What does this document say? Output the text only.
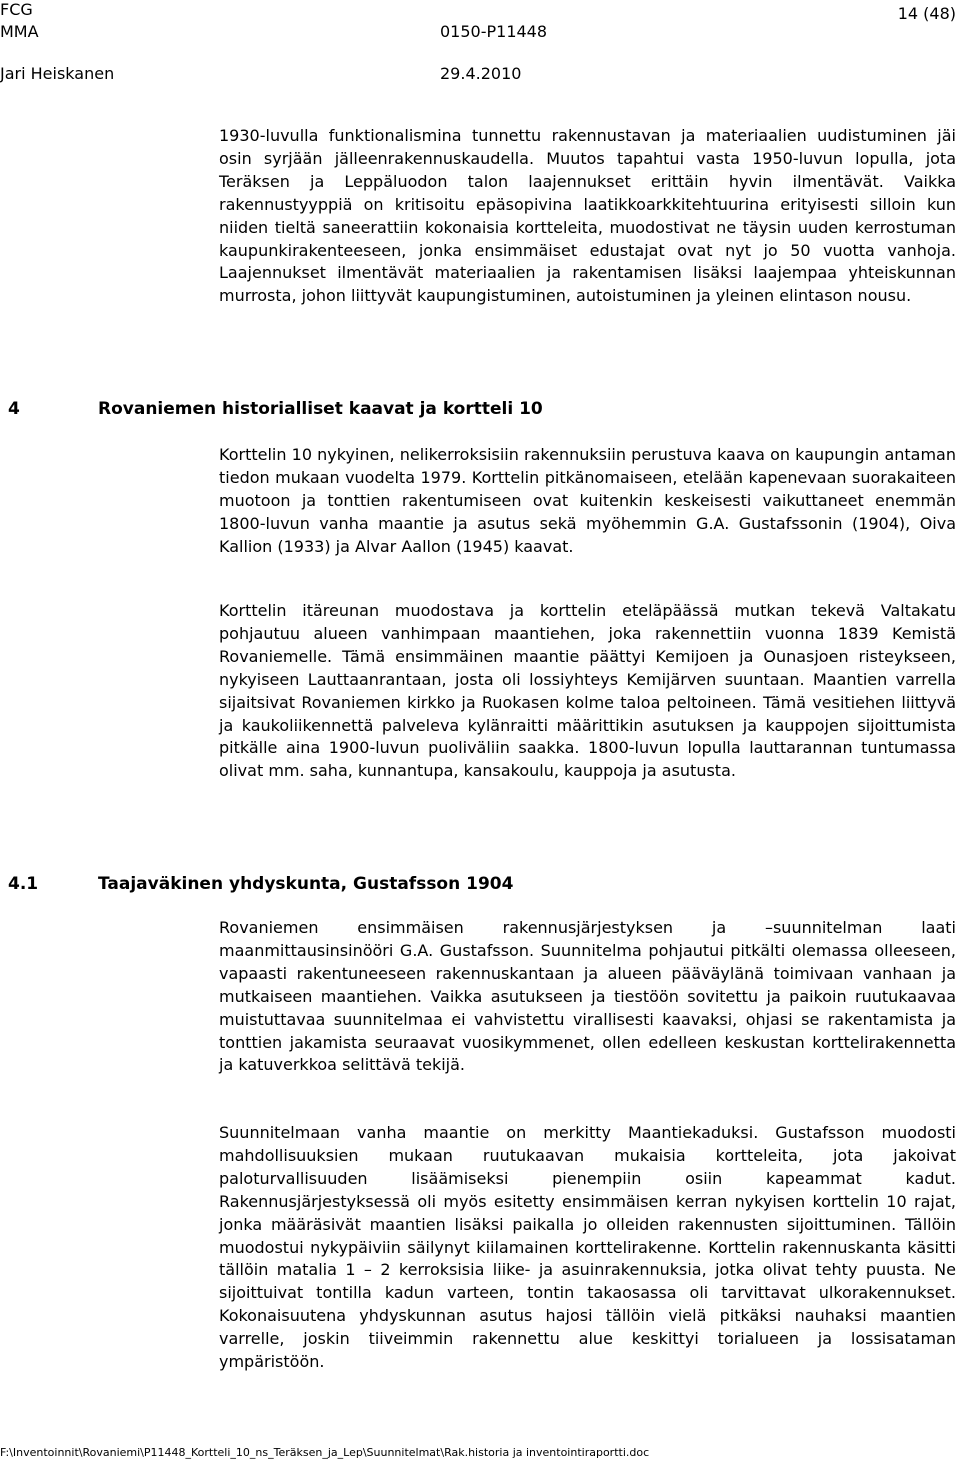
FCG
MMA
Jari Heiskanen
0150-P11448
29.4.2010
14 (48)
1930-luvulla funktionalismina tunnettu rakennustavan ja materiaalien uudistuminen jäi osin syrjään jälleenrakennuskaudella. Muutos tapahtui vasta 1950-luvun lopulla, jota Teräksen ja Leppäluodon talon laajennukset erittäin hyvin ilmentävät. Vaikka rakennustyyppiä on kritisoitu epäsopivina laatikkoarkkitehtuurina erityisesti silloin kun niiden tieltä saneerattiin kokonaisia kortteleita, muodostivat ne täysin uuden kerrostuman kaupunkirakenteeseen, jonka ensimmäiset edustajat ovat nyt jo 50 vuotta vanhoja. Laajennukset ilmentävät materiaalien ja rakentamisen lisäksi laajempaa yhteiskunnan murrosta, johon liittyvät kaupungistuminen, autoistuminen ja yleinen elintason nousu.
4	Rovaniemen historialliset kaavat ja kortteli 10
Korttelin 10 nykyinen, nelikerroksisiin rakennuksiin perustuva kaava on kaupungin antaman tiedon mukaan vuodelta 1979. Korttelin pitkänomaiseen, etelään kapenevaan suorakaiteen muotoon ja tonttien rakentumiseen ovat kuitenkin keskeisesti vaikuttaneet enemmän 1800-luvun vanha maantie ja asutus sekä myöhemmin G.A. Gustafssonin (1904), Oiva Kallion (1933) ja Alvar Aallon (1945) kaavat.
Korttelin itäreunan muodostava ja korttelin eteläpäässä mutkan tekevä Valtakatu pohjautuu alueen vanhimpaan maantiehen, joka rakennettiin vuonna 1839 Kemistä Rovaniemelle. Tämä ensimmäinen maantie päättyi Kemijoen ja Ounasjoen risteykseen, nykyiseen Lauttaanrantaan, josta oli lossiyhteys Kemijärven suuntaan. Maantien varrella sijaitsivat Rovaniemen kirkko ja Ruokasen kolme taloa peltoineen. Tämä vesitiehen liittyvä ja kaukoliikennettä palveleva kylänraitti määrittikin asutuksen ja kauppojen sijoittumista pitkälle aina 1900-luvun puoliväliin saakka. 1800-luvun lopulla lauttarannan tuntumassa olivat mm. saha, kunnantupa, kansakoulu, kauppoja ja asutusta.
4.1	Taajaväkinen yhdyskunta, Gustafsson 1904
Rovaniemen ensimmäisen rakennusjärjestyksen ja –suunnitelman laati maanmittausinsinööri G.A. Gustafsson. Suunnitelma pohjautui pitkälti olemassa olleeseen, vapaasti rakentuneeseen rakennuskantaan ja alueen pääväylänä toimivaan vanhaan ja mutkaiseen maantiehen. Vaikka asutukseen ja tiestöön sovitettu ja paikoin ruutukaavaa muistuttavaa suunnitelmaa ei vahvistettu virallisesti kaavaksi, ohjasi se rakentamista ja tonttien jakamista seuraavat vuosikymmenet, ollen edelleen keskustan korttelirakennetta ja katuverkkoa selittävä tekijä.
Suunnitelmaan vanha maantie on merkitty Maantiekaduksi. Gustafsson muodosti mahdollisuuksien mukaan ruutukaavan mukaisia kortteleita, jota jakoivat paloturvallisuuden lisäämiseksi pienempiin osiin kapeammat kadut. Rakennusjärjestyksessä oli myös esitetty ensimmäisen kerran nykyisen korttelin 10 rajat, jonka määräsivät maantien lisäksi paikalla jo olleiden rakennusten sijoittuminen. Tällöin muodostui nykypäiviin säilynyt kiilamainen korttelirakenne. Korttelin rakennuskanta käsitti tällöin matalia 1 – 2 kerroksisia liike- ja asuinrakennuksia, jotka olivat tehty puusta. Ne sijoittuivat tontilla kadun varteen, tontin takaosassa oli tarvittavat ulkorakennukset. Kokonaisuutena yhdyskunnan asutus hajosi tällöin vielä pitkäksi nauhaksi maantien varrelle, joskin tiiveimmin rakennettu alue keskittyi torialueen ja lossisataman ympäristöön.
F:\Inventoinnit\Rovaniemi\P11448_Kortteli_10_ns_Teräksen_ja_Lep\Suunnitelmat\Rak.historia ja inventointiraportti.doc
